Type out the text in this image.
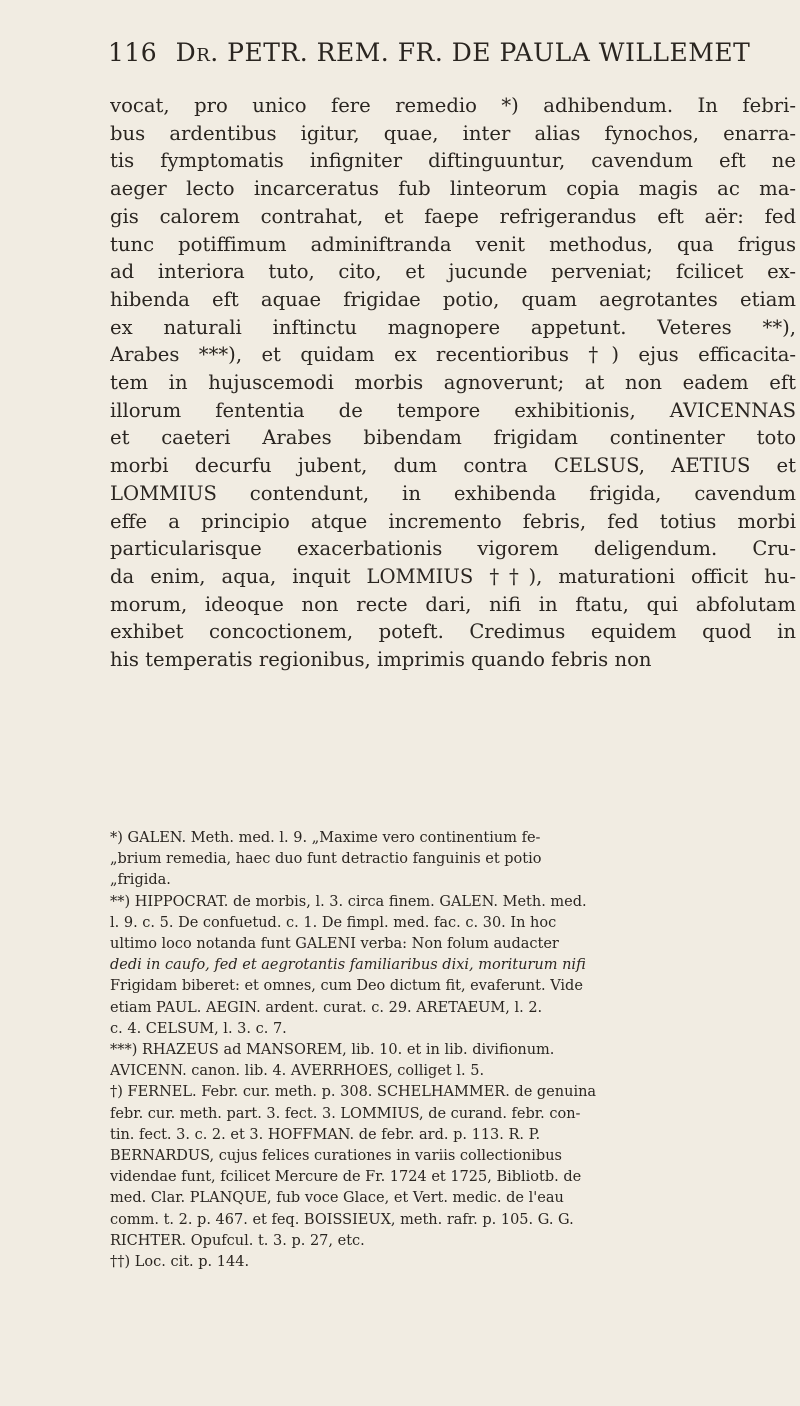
116 Dr. PETR. REM. FR. DE PAULA WILLEMET
vocat, pro unico fere remedio *) adhibendum. In febri-
bus ardentibus igitur, quae, inter alias fynochos, enarra-
tis fymptomatis infigniter diftinguuntur, cavendum eft ne
aeger lecto incarceratus fub linteorum copia magis ac ma-
gis calorem contrahat, et faepe refrigerandus eft aër: fed
tunc potiffimum adminiftranda venit methodus, qua frigus
ad interiora tuto, cito, et jucunde perveniat; fcilicet ex-
hibenda eft aquae frigidae potio, quam aegrotantes etiam
ex naturali inftinctu magnopere appetunt. Veteres **),
Arabes ***), et quidam ex recentioribus †) ejus efficacita-
tem in hujuscemodi morbis agnoverunt; at non eadem eft
illorum fententia de tempore exhibitionis, AVICENNAS
et caeteri Arabes bibendam frigidam continenter toto
morbi decurfu jubent, dum contra CELSUS, AETIUS et
LOMMIUS contendunt, in exhibenda frigida, cavendum
effe a principio atque incremento febris, fed totius morbi
particularisque exacerbationis vigorem deligendum. Cru-
da enim, aqua, inquit LOMMIUS ††), maturationi officit hu-
morum, ideoque non recte dari, nifi in ftatu, qui abfolutam
exhibet concoctionem, poteft. Credimus equidem quod in
his temperatis regionibus, imprimis quando febris non
*) GALEN. Meth. med. l. 9. „Maxime vero continentium fe-
„brium remedia, haec duo funt detractio fanguinis et potio
„frigida.
**) HIPPOCRAT. de morbis, l. 3. circa finem. GALEN. Meth. med.
l. 9. c. 5. De confuetud. c. 1. De fimpl. med. fac. c. 30. In hoc
ultimo loco notanda funt GALENI verba: Non folum audacter
dedi in caufo, fed et aegrotantis familiaribus dixi, moriturum nifi
Frigidam biberet: et omnes, cum Deo dictum fit, evaferunt. Vide
etiam PAUL. AEGIN. ardent. curat. c. 29. ARETAEUM, l. 2.
c. 4. CELSUM, l. 3. c. 7.
***) RHAZEUS ad MANSOREM, lib. 10. et in lib. divifionum.
AVICENN. canon. lib. 4. AVERRHOES, colliget l. 5.
†) FERNEL. Febr. cur. meth. p. 308. SCHELHAMMER. de genuina
febr. cur. meth. part. 3. fect. 3. LOMMIUS, de curand. febr. con-
tin. fect. 3. c. 2. et 3. HOFFMAN. de febr. ard. p. 113. R. P.
BERNARDUS, cujus felices curationes in variis collectionibus
videndae funt, fcilicet Mercure de Fr. 1724 et 1725, Bibliotb. de
med. Clar. PLANQUE, fub voce Glace, et Vert. medic. de l'eau
comm. t. 2. p. 467. et feq. BOISSIEUX, meth. rafr. p. 105. G. G.
RICHTER. Opufcul. t. 3. p. 27, etc.
††) Loc. cit. p. 144.
